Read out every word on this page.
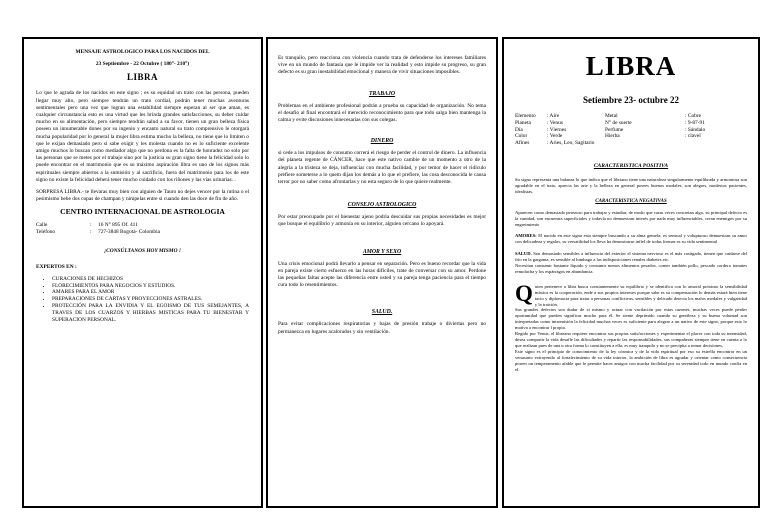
MENSAJE ASTROLOGICO PARA LOS NACIDOS DEL

23 Septiembre - 22 Octubre ( 180°- 210°)

LIBRA

Lo que le agrada de los nacidos en este signo ; es su equidad un trato con las persona, pueden llegar muy alto, pero siempre tendrán un trato cordial, podrán tener muchas aventuras sentimentales pero una vez que logran una estabilidad siempre esperan al ser que aman, es cualquier circunstancia esto es una virtud que les brinda grandes satisfacciones, su deber cuidar mucho en su alimentación, pero siempre tendrán salud a su favor, tienen un gran belleza física poseen un innumerable dones por su ingenio y encanto natural su trato comprensivo le otorgará mucha popularidad por lo general la mujer libra estima mucho la belleza, no tiene que lo limiten o que le exijan demasiado pero si sabe exigir y les molesta cuando no es lo suficiente excelente amigo muchos lo buscan como mediador algo que no perdona es la falta de honradez no solo por las personas que se metes por el trabajo sino por la justicia su gran signo tiene la felicidad solo lo puede encontrar en el matrimonio que es su máximo aspiración libra es uno de los signos más espirituales siempre abiertos a la sumisión y al sacrificio, fuera del matrimonio para los de este signo no existe la felicidad deberá tener mucho cuidado con los riñones y las vías urinarias. .

SORPRESA LIBRA.- te llevaras muy bien con alguien de Tauro no dejes vencer por la rutina o el pesimismo bebe dos copas de champan y nimpelas entre si cuando den las doce de fin de año.

CENTRO INTERNACIONAL DE ASTROLOGIA

Calle	:	16 N° 895 Of. 411
Teléfono	:	727-3848 Bogotá- Colombia

¡CONSÚLTANOS HOY MISMO !

EXPERTOS EN :

• CURACIONES DE HECHIZOS
• FLORECIMIENTOS PARA NEGOCIOS Y ESTUDIOS.
• AMARES PARA EL AMOR
• PREPARACIONES DE CARTAS Y PROYECCIONES ASTRALES.
• PROTECCIÓN PARA LA ENVIDIA Y EL EGOISMO DE TUS SEMEJANTES, A TRAVES DE LOS CUARZOS Y HIERBAS MISTICAS PARA TU BIENESTAR Y SUPERACION PERSONAL.

Es tranquilo, pero reacciona con violencia cuando trata de defenderse los intereses familiares vive en un mundo de fantasía que le impide ver la realidad y esto impide su progreso, su gran defecto es su gran inestabilidad emocional y manera de vivir situaciones imposibles.

TRABAJO

Problemas en el ambiente profesional podrán a prueba su capacidad de organización. No tema el desafío al final encontrará el merecido reconocimiento para que todo salga bien mantenga la calma y evite discusiones innecesarias con sus colegas.

DINERO

si cede a los impulsos de consumo correrá el riesgo de perder el control de dinero. La influencia del planeta regente de CÁNCER, hace que este nativo cambie de un momento a otro de la alegría a la tristeza se deja, influenciar con mucha facilidad, y por temor de hacer el ridículo prefiere someterse a lo quem dijan los demás a lo que el prefiere, las cosa desconocida le causa terror por no saber como afrontarlas y no esta seguro de lo que quiere realmente.

CONSEJO ASTROLOGICO

Por estar preocupado por el bienestar ajeno podría descuidar sus propias necesidades es mejor que busque el equilibrio y armonía en su interior, alguien cercano lo apoyará.

AMOR Y SEXO

Una crisis emocional podrá llevarlo a pensar en separación. Pero es bueno recordar que la vida en pareja existe cierto esfuerzo en las horas difíciles, trate de conversar con su amor. Perdone las pequeñas faltas acepte las diferencia entre usted y su pareja tenga paciencia para el tiempo cura todo lo resentimientos.

SALUD.

Para evitar complicaciones respiratorias y bajas de presión trabaje o diviertas pero no permanezca en lugares acalorados y sin ventilación.

LIBRA

Setiembre 23- octubre 22

Elemento	: Aire	Metal	: Cobre
Planeta	: Venus	N° de suerte	: 9-87-91
Día	: Viernes	Perfume	: Sándalo
Color	: Verde	Hierba	: clavel
Afines	: Aries, Leo, Sagitario

CARACTERISTICA POSITIVA

Su signo representa una balanza lo que indica que el libriano tiene una naturaleza singularmente equilibrada y armoniosa son agradable en el trato, aprecia las arte y la belleza en general posees buenos modales, son alegres, modestos pacientes, idealistas.

CARACTERISTICA NEGATIVAS

Aparecen como demasiado perezoso para trabajar y estudiar, de modo que caras veces concretan algo, su principal defecto es la vanidad, son encuentra superficiales y todavía no demuestran interés por nada muy influenciables, crean enemigos por su engreimiento

AMORES: El nacido en este signo esta siempre buscando a su alma gemela; es sensual y voluptuoso demuestran su amor con delicadeza y regalos, su versatilidad los lleva ha demostrarse infiel de todas formas es su vida sentimental

SALUD. Son demasiado sensibles a influencia del exterior el sistema nervioso es el más castigado, tienen que cuidarse del frío en la garganta, es sensible al lumbago a las indisposiciones renales diabetes etc.

Necesitan consumir bastante líquido y consumir menos alimentos pesados, comer también pollo, pescado cordero tomates remolacha y los espárragos en abundancia.

Q uien pertenece a libra busca constantemente su equilibrio y se identifica con lo amoral próximo la sensibilidad mística es la cooperación, ende a sus propios intereses porque sabe es su compensación lo demás estará bien tiene tacto y diplomacia para tratar a personas conflictivas, sensibles y delicado detecta los malos modales y vulgaridad y la traición.

Sus grandes defectos son dudar de sí mismo y actuar con vacilación por estas razones, muchas veces puede perder oportunidad que pueden significar mucho para él. Se siente deprimido cuando su gentileza y su buena voluntad son interpretadas como intromisión la felicidad muchas veces es suficiente para alegrar a un nativo de este signo, porque esto lo motiva a encontrar l propia.

Regido por Venus, el libreano requiere encontrar sus propias satisfacciones y experimentar el placer con toda su intensidad, desea compartir la vida desafíe las dificultades y repartir las responsabilidades, sus compañeras siempre tiene en cuenta a lo que realizan pues de una u otra forma lo constituyen a ella, es muy tranquilo y no se precipita a tomar decisiones,

Este signo es el principio de conocimiento de la ley cósmica y de la vida espiritual por eso su estrella encontrar en un venusario extrayendo al fortalecimiento de su vida interior, la ambición de libra es agradar y orientar como consecuencia poseer un temperamento afable que le permite hacer amigos con mucha facilidad por su serenidad todo en mundo confía en el.
